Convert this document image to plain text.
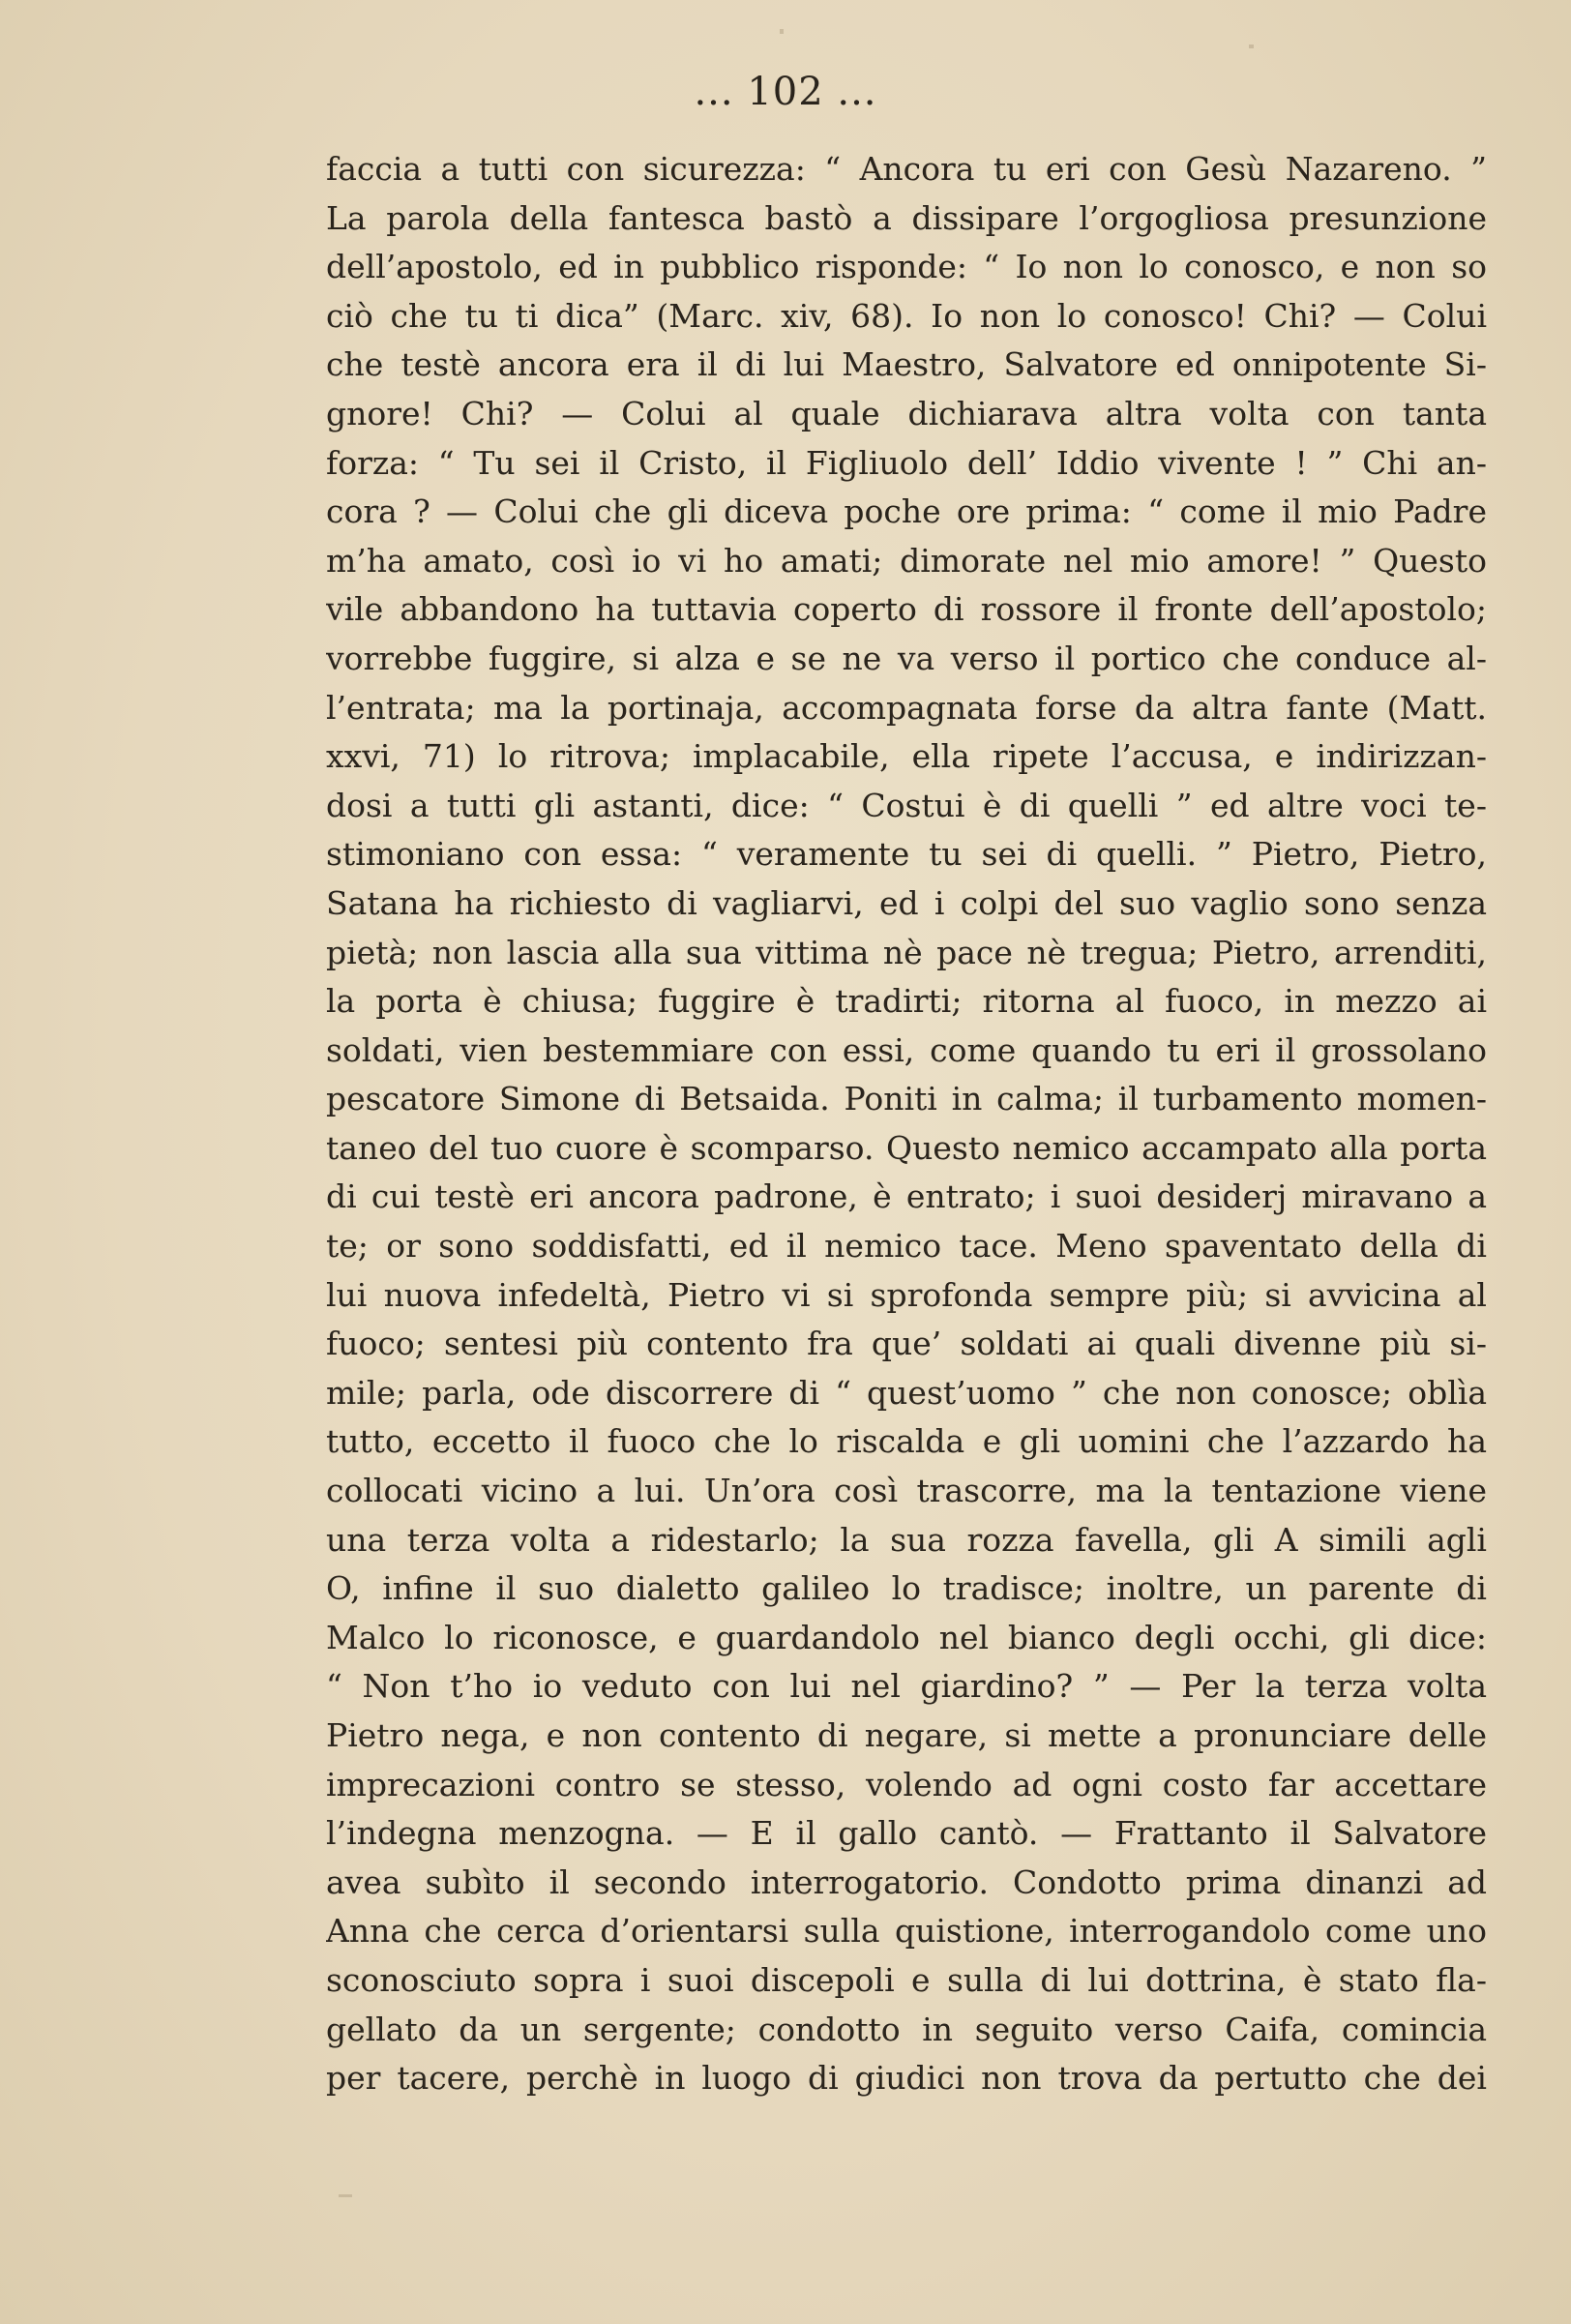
... 102 ...
faccia a tutti con sicurezza: “ Ancora tu eri con Gesù Nazareno. ”
La parola della fantesca bastò a dissipare l’orgogliosa presunzione
dell’apostolo, ed in pubblico risponde: “ Io non lo conosco, e non so
ciò che tu ti dica” (Marc. xiv, 68). Io non lo conosco! Chi? — Colui
che testè ancora era il di lui Maestro, Salvatore ed onnipotente Si-
gnore! Chi? — Colui al quale dichiarava altra volta con tanta
forza: “ Tu sei il Cristo, il Figliuolo dell’ Iddio vivente ! ” Chi an-
cora ? — Colui che gli diceva poche ore prima: “ come il mio Padre
m’ha amato, così io vi ho amati; dimorate nel mio amore! ” Questo
vile abbandono ha tuttavia coperto di rossore il fronte dell’apostolo;
vorrebbe fuggire, si alza e se ne va verso il portico che conduce al-
l’entrata; ma la portinaja, accompagnata forse da altra fante (Matt.
xxvi, 71) lo ritrova; implacabile, ella ripete l’accusa, e indirizzan-
dosi a tutti gli astanti, dice: “ Costui è di quelli ” ed altre voci te-
stimoniano con essa: “ veramente tu sei di quelli. ” Pietro, Pietro,
Satana ha richiesto di vagliarvi, ed i colpi del suo vaglio sono senza
pietà; non lascia alla sua vittima nè pace nè tregua; Pietro, arrenditi,
la porta è chiusa; fuggire è tradirti; ritorna al fuoco, in mezzo ai
soldati, vien bestemmiare con essi, come quando tu eri il grossolano
pescatore Simone di Betsaida. Poniti in calma; il turbamento momen-
taneo del tuo cuore è scomparso. Questo nemico accampato alla porta
di cui testè eri ancora padrone, è entrato; i suoi desiderj miravano a
te; or sono soddisfatti, ed il nemico tace. Meno spaventato della di
lui nuova infedeltà, Pietro vi si sprofonda sempre più; si avvicina al
fuoco; sentesi più contento fra que’ soldati ai quali divenne più si-
mile; parla, ode discorrere di “ quest’uomo ” che non conosce; oblìa
tutto, eccetto il fuoco che lo riscalda e gli uomini che l’azzardo ha
collocati vicino a lui. Un’ora così trascorre, ma la tentazione viene
una terza volta a ridestarlo; la sua rozza favella, gli A simili agli
O, infine il suo dialetto galileo lo tradisce; inoltre, un parente di
Malco lo riconosce, e guardandolo nel bianco degli occhi, gli dice:
“ Non t’ho io veduto con lui nel giardino? ” — Per la terza volta
Pietro nega, e non contento di negare, si mette a pronunciare delle
imprecazioni contro se stesso, volendo ad ogni costo far accettare
l’indegna menzogna. — E il gallo cantò. — Frattanto il Salvatore
avea subìto il secondo interrogatorio. Condotto prima dinanzi ad
Anna che cerca d’orientarsi sulla quistione, interrogandolo come uno
sconosciuto sopra i suoi discepoli e sulla di lui dottrina, è stato fla-
gellato da un sergente; condotto in seguito verso Caifa, comincia
per tacere, perchè in luogo di giudici non trova da pertutto che dei
